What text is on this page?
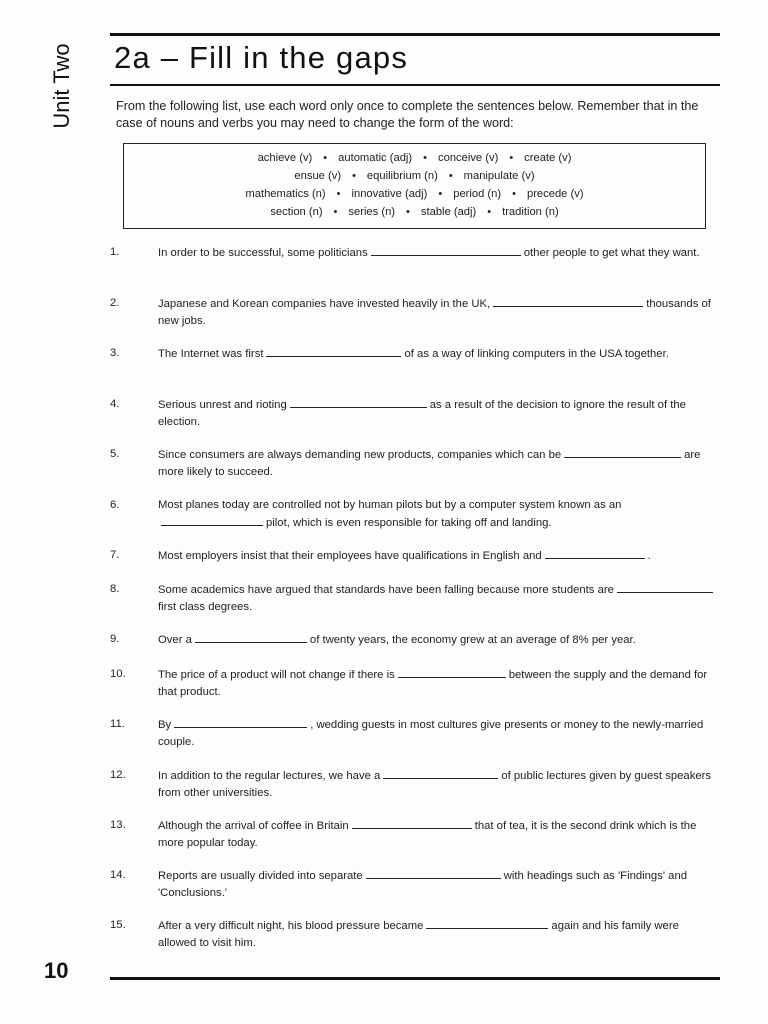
Unit Two 2a – Fill in the gaps

From the following list, use each word only once to complete the sentences below. Remember that in the case of nouns and verbs you may need to change the form of the word:

achieve (v) • automatic (adj) • conceive (v) • create (v)
ensue (v) • equilibrium (n) • manipulate (v)
mathematics (n) • innovative (adj) • period (n) • precede (v)
section (n) • series (n) • stable (adj) • tradition (n)
1.	In order to be successful, some politicians	other people to get what they want.
2.	Japanese and Korean companies have invested heavily in the UK,	thousands of new jobs.
3.	The Internet was first	of as a way of linking computers in the USA together.
4.	Serious unrest and rioting	as a result of the decision to ignore the result of the election.
5.	Since consumers are always demanding new products, companies which can be	are more likely to succeed.
6.	Most planes today are controlled not by human pilots but by a computer system known as anpilot, which is even responsible for taking off and landing.
7.	Most employers insist that their employees have qualifications in English and	.
8.	Some academics have argued that standards have been falling because more students arefirst class degrees.
9.	Over a	of twenty years, the economy grew at an average of 8% per year.
10.	The price of a product will not change if there is	between the supply and the demand for that product.
11.	By	, wedding guests in most cultures give presents or money to the newly-married couple.
12.	In addition to the regular lectures, we have a	of public lectures given by guest speakers from other universities.
13.	Although the arrival of coffee in Britain	that of tea, it is the second drink which is the more popular today.
14.	Reports are usually divided into separate	with headings such as 'Findings' and 'Conclusions.'
15.	After a very difficult night, his blood pressure became	again and his family were allowed to visit him.
10
